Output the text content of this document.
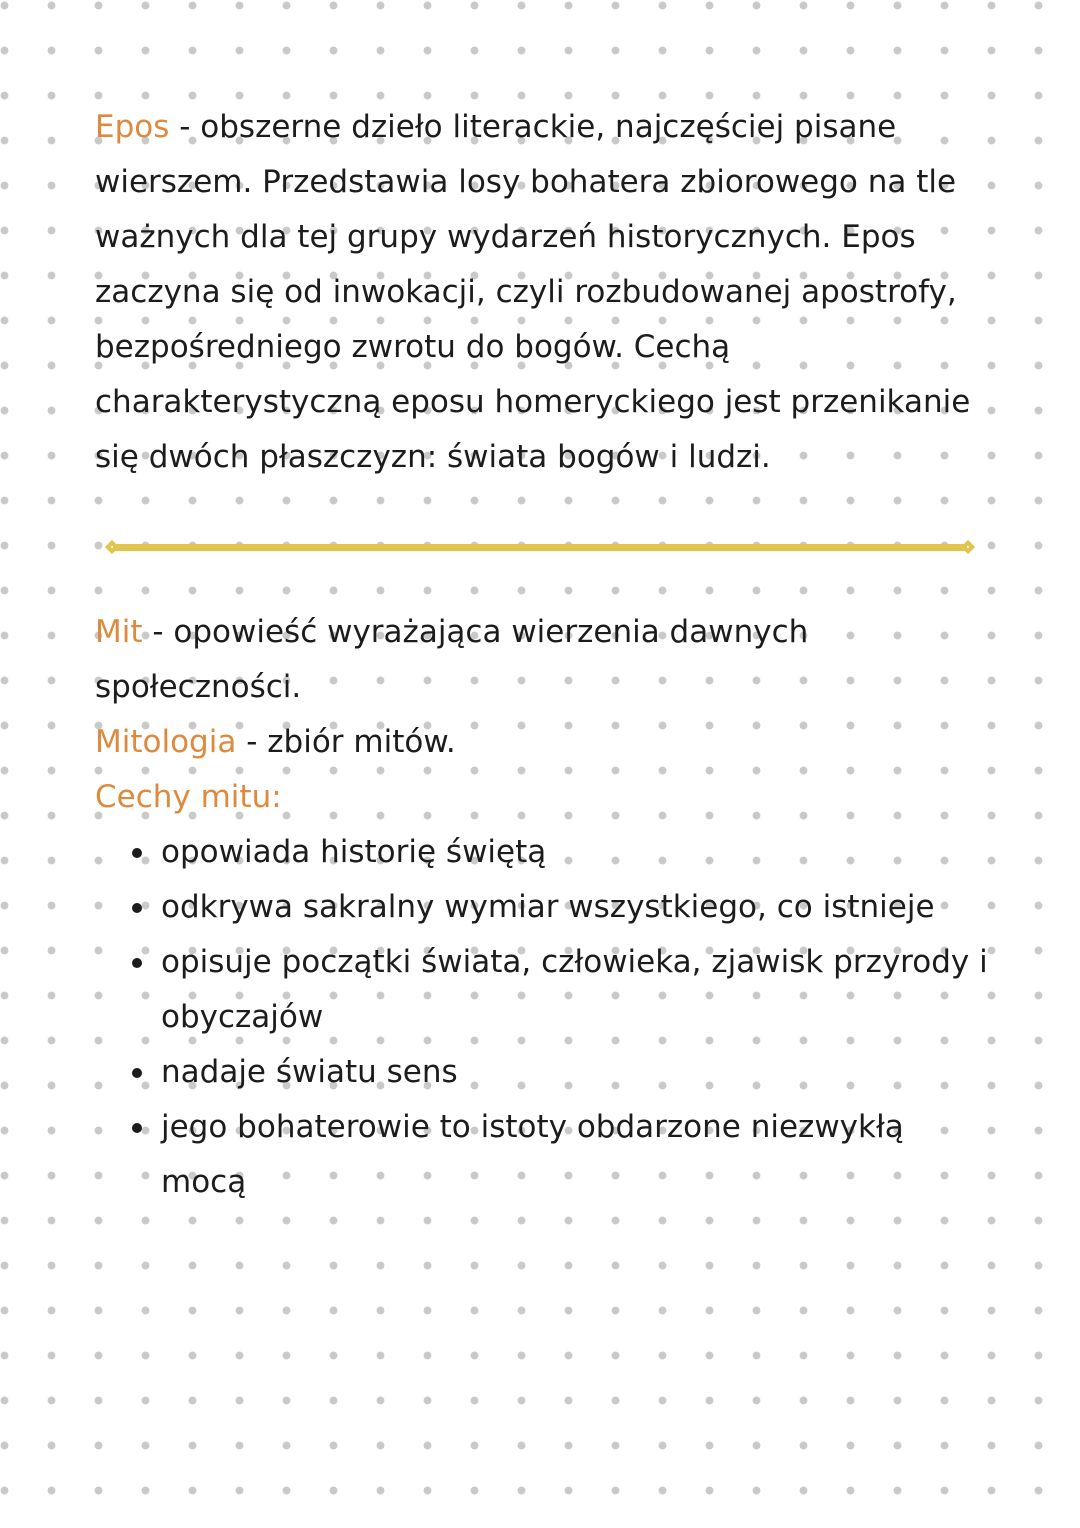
Epos - obszerne dzieło literackie, najczęściej pisane wierszem. Przedstawia losy bohatera zbiorowego na tle ważnych dla tej grupy wydarzeń historycznych. Epos zaczyna się od inwokacji, czyli rozbudowanej apostrofy, bezpośredniego zwrotu do bogów. Cechą charakterystyczną eposu homeryckiego jest przenikanie się dwóch płaszczyzn: świata bogów i ludzi.

Mit - opowieść wyrażająca wierzenia dawnych społeczności.

Mitologia - zbiór mitów.

Cechy mitu:

opowiada historię świętą
odkrywa sakralny wymiar wszystkiego, co istnieje
opisuje początki świata, człowieka, zjawisk przyrody i obyczajów
nadaje światu sens
jego bohaterowie to istoty obdarzone niezwykłą mocą
